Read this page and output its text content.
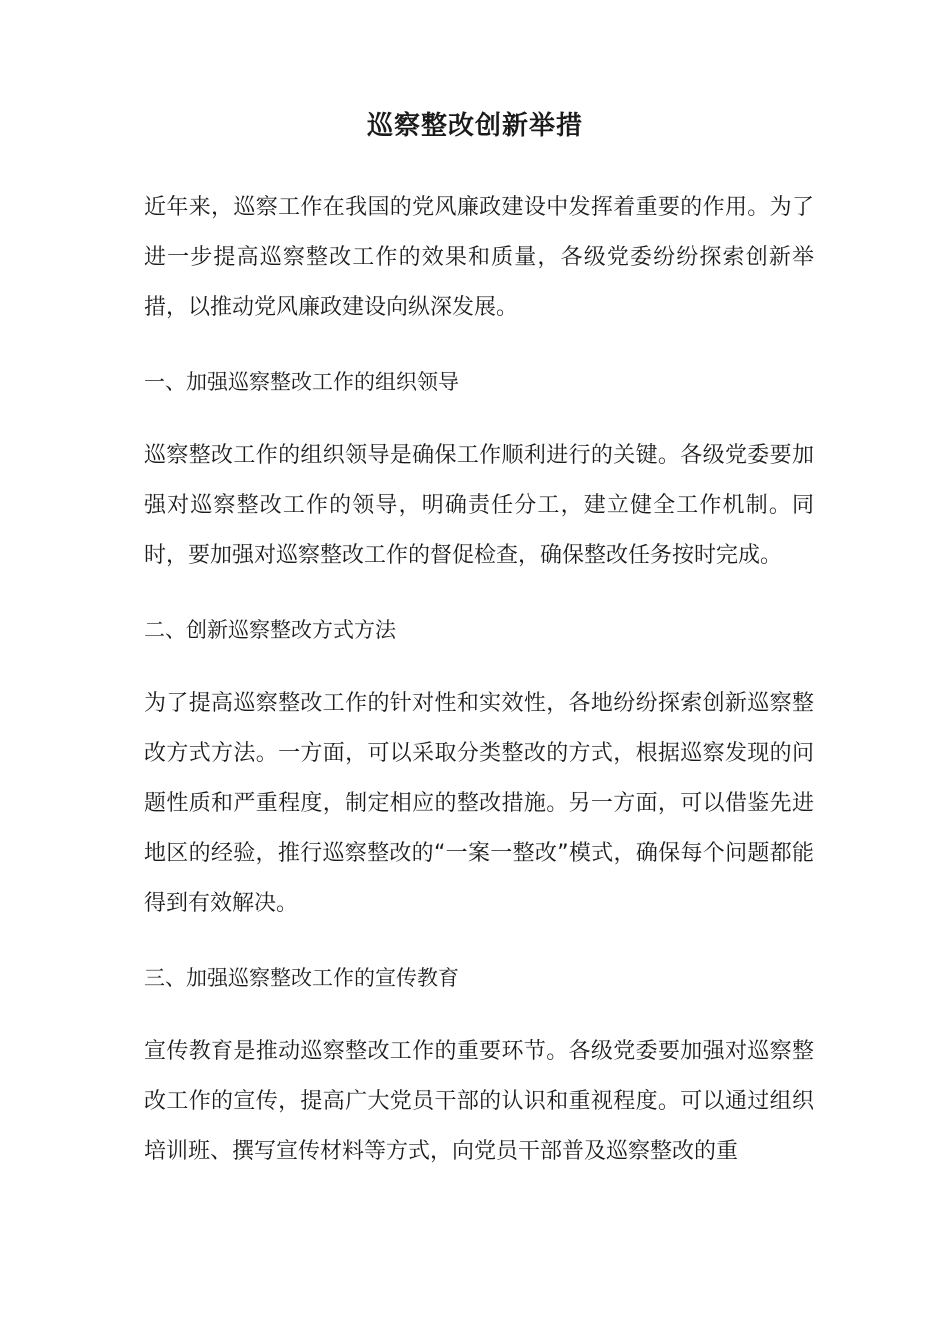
巡察整改创新举措

近年来，巡察工作在我国的党风廉政建设中发挥着重要的作用。为了进一步提高巡察整改工作的效果和质量，各级党委纷纷探索创新举措，以推动党风廉政建设向纵深发展。

一、加强巡察整改工作的组织领导

巡察整改工作的组织领导是确保工作顺利进行的关键。各级党委要加强对巡察整改工作的领导，明确责任分工，建立健全工作机制。同时，要加强对巡察整改工作的督促检查，确保整改任务按时完成。

二、创新巡察整改方式方法

为了提高巡察整改工作的针对性和实效性，各地纷纷探索创新巡察整改方式方法。一方面，可以采取分类整改的方式，根据巡察发现的问题性质和严重程度，制定相应的整改措施。另一方面，可以借鉴先进地区的经验，推行巡察整改的“一案一整改”模式，确保每个问题都能得到有效解决。

三、加强巡察整改工作的宣传教育

宣传教育是推动巡察整改工作的重要环节。各级党委要加强对巡察整改工作的宣传，提高广大党员干部的认识和重视程度。可以通过组织培训班、撰写宣传材料等方式，向党员干部普及巡察整改的重
